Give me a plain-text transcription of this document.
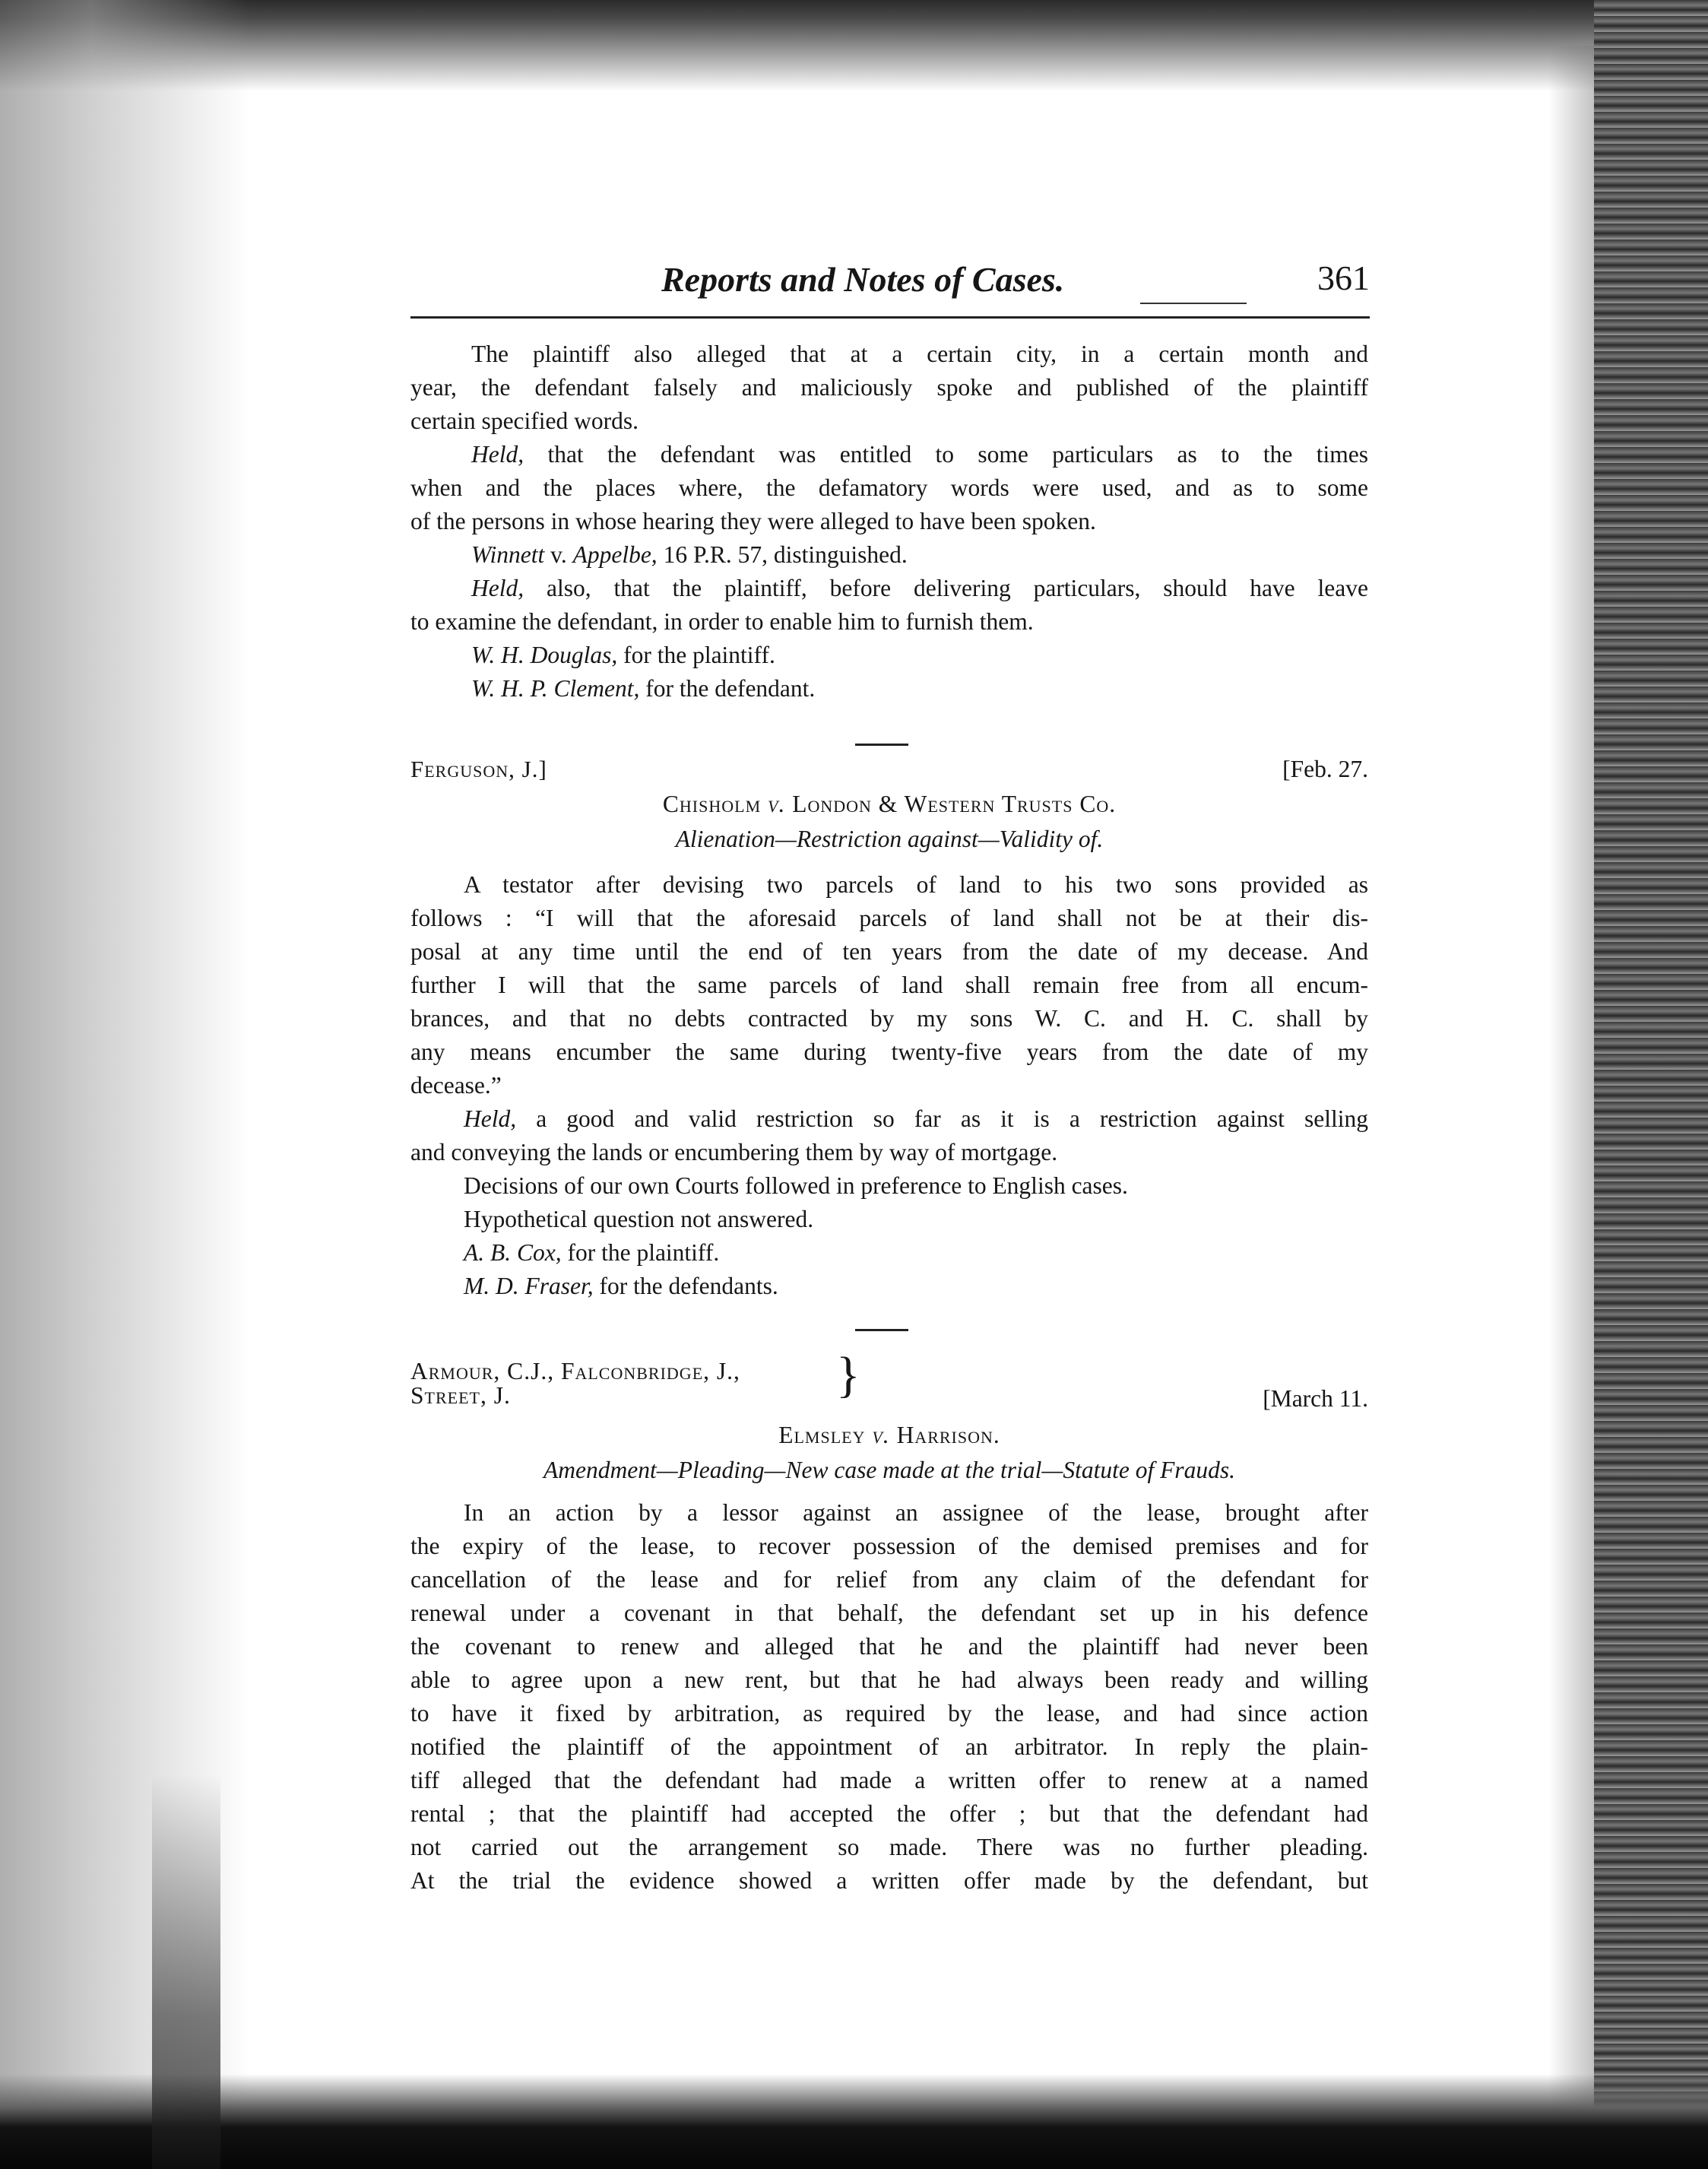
Reports and Notes of Cases.	361
The plaintiff also alleged that at a certain city, in a certain month and
year, the defendant falsely and maliciously spoke and published of the plaintiff
certain specified words.
Held, that the defendant was entitled to some particulars as to the times
when and the places where, the defamatory words were used, and as to some
of the persons in whose hearing they were alleged to have been spoken.
Winnett v. Appelbe, 16 P.R. 57, distinguished.
Held, also, that the plaintiff, before delivering particulars, should have leave
to examine the defendant, in order to enable him to furnish them.
W. H. Douglas, for the plaintiff.
W. H. P. Clement, for the defendant.
Ferguson, J.]	[Feb. 27.
Chisholm v. London & Western Trusts Co.
Alienation—Restriction against—Validity of.
A testator after devising two parcels of land to his two sons provided as
follows : “I will that the aforesaid parcels of land shall not be at their dis-
posal at any time until the end of ten years from the date of my decease. And
further I will that the same parcels of land shall remain free from all encum-
brances, and that no debts contracted by my sons W. C. and H. C. shall by
any means encumber the same during twenty-five years from the date of my
decease.”
Held, a good and valid restriction so far as it is a restriction against selling
and conveying the lands or encumbering them by way of mortgage.
Decisions of our own Courts followed in preference to English cases.
Hypothetical question not answered.
A. B. Cox, for the plaintiff.
M. D. Fraser, for the defendants.
Armour, C.J., Falconbridge, J.,
Street, J.	}	[March 11.
Elmsley v. Harrison.
Amendment—Pleading—New case made at the trial—Statute of Frauds.
In an action by a lessor against an assignee of the lease, brought after
the expiry of the lease, to recover possession of the demised premises and for
cancellation of the lease and for relief from any claim of the defendant for
renewal under a covenant in that behalf, the defendant set up in his defence
the covenant to renew and alleged that he and the plaintiff had never been
able to agree upon a new rent, but that he had always been ready and willing
to have it fixed by arbitration, as required by the lease, and had since action
notified the plaintiff of the appointment of an arbitrator. In reply the plain-
tiff alleged that the defendant had made a written offer to renew at a named
rental ; that the plaintiff had accepted the offer ; but that the defendant had
not carried out the arrangement so made. There was no further pleading.
At the trial the evidence showed a written offer made by the defendant, but
